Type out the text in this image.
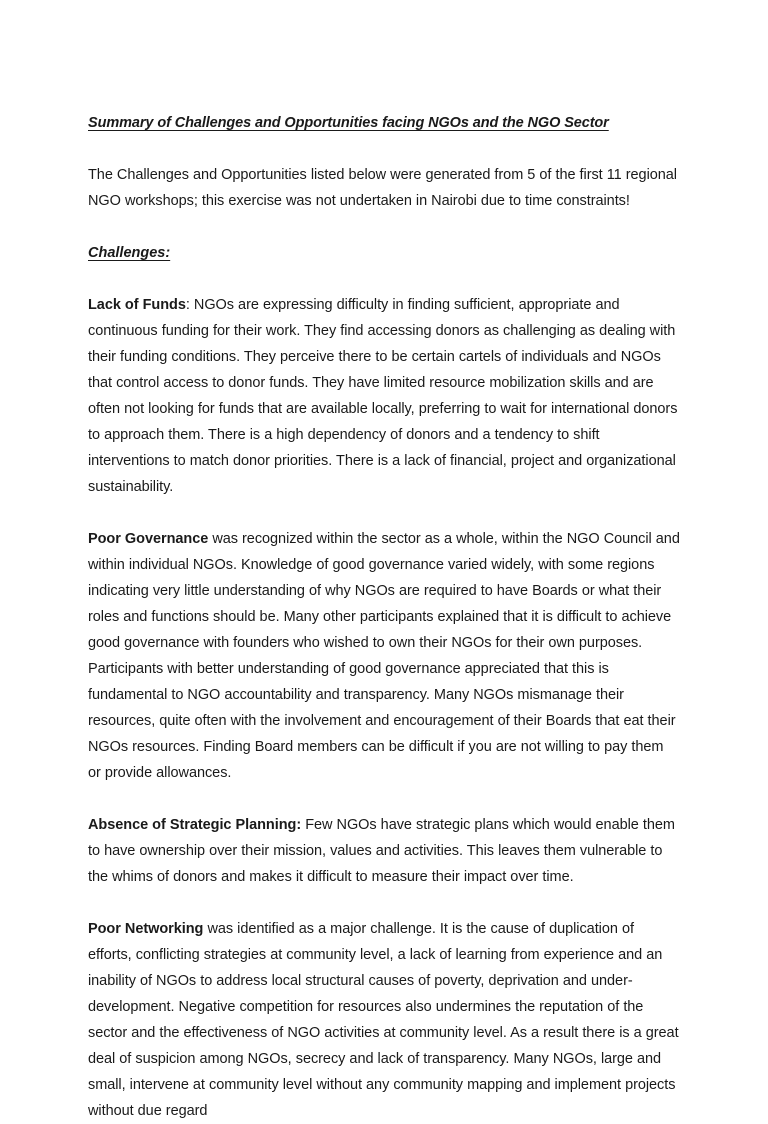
Summary of Challenges and Opportunities facing NGOs and the NGO Sector

The Challenges and Opportunities listed below were generated from 5 of the first 11 regional NGO workshops; this exercise was not undertaken in Nairobi due to time constraints!

Challenges:

Lack of Funds: NGOs are expressing difficulty in finding sufficient, appropriate and continuous funding for their work. They find accessing donors as challenging as dealing with their funding conditions. They perceive there to be certain cartels of individuals and NGOs that control access to donor funds. They have limited resource mobilization skills and are often not looking for funds that are available locally, preferring to wait for international donors to approach them. There is a high dependency of donors and a tendency to shift interventions to match donor priorities. There is a lack of financial, project and organizational sustainability.

Poor Governance was recognized within the sector as a whole, within the NGO Council and within individual NGOs. Knowledge of good governance varied widely, with some regions indicating very little understanding of why NGOs are required to have Boards or what their roles and functions should be. Many other participants explained that it is difficult to achieve good governance with founders who wished to own their NGOs for their own purposes. Participants with better understanding of good governance appreciated that this is fundamental to NGO accountability and transparency. Many NGOs mismanage their resources, quite often with the involvement and encouragement of their Boards that eat their NGOs resources. Finding Board members can be difficult if you are not willing to pay them or provide allowances.

Absence of Strategic Planning: Few NGOs have strategic plans which would enable them to have ownership over their mission, values and activities. This leaves them vulnerable to the whims of donors and makes it difficult to measure their impact over time.

Poor Networking was identified as a major challenge. It is the cause of duplication of efforts, conflicting strategies at community level, a lack of learning from experience and an inability of NGOs to address local structural causes of poverty, deprivation and under-development. Negative competition for resources also undermines the reputation of the sector and the effectiveness of NGO activities at community level. As a result there is a great deal of suspicion among NGOs, secrecy and lack of transparency. Many NGOs, large and small, intervene at community level without any community mapping and implement projects without due regard
